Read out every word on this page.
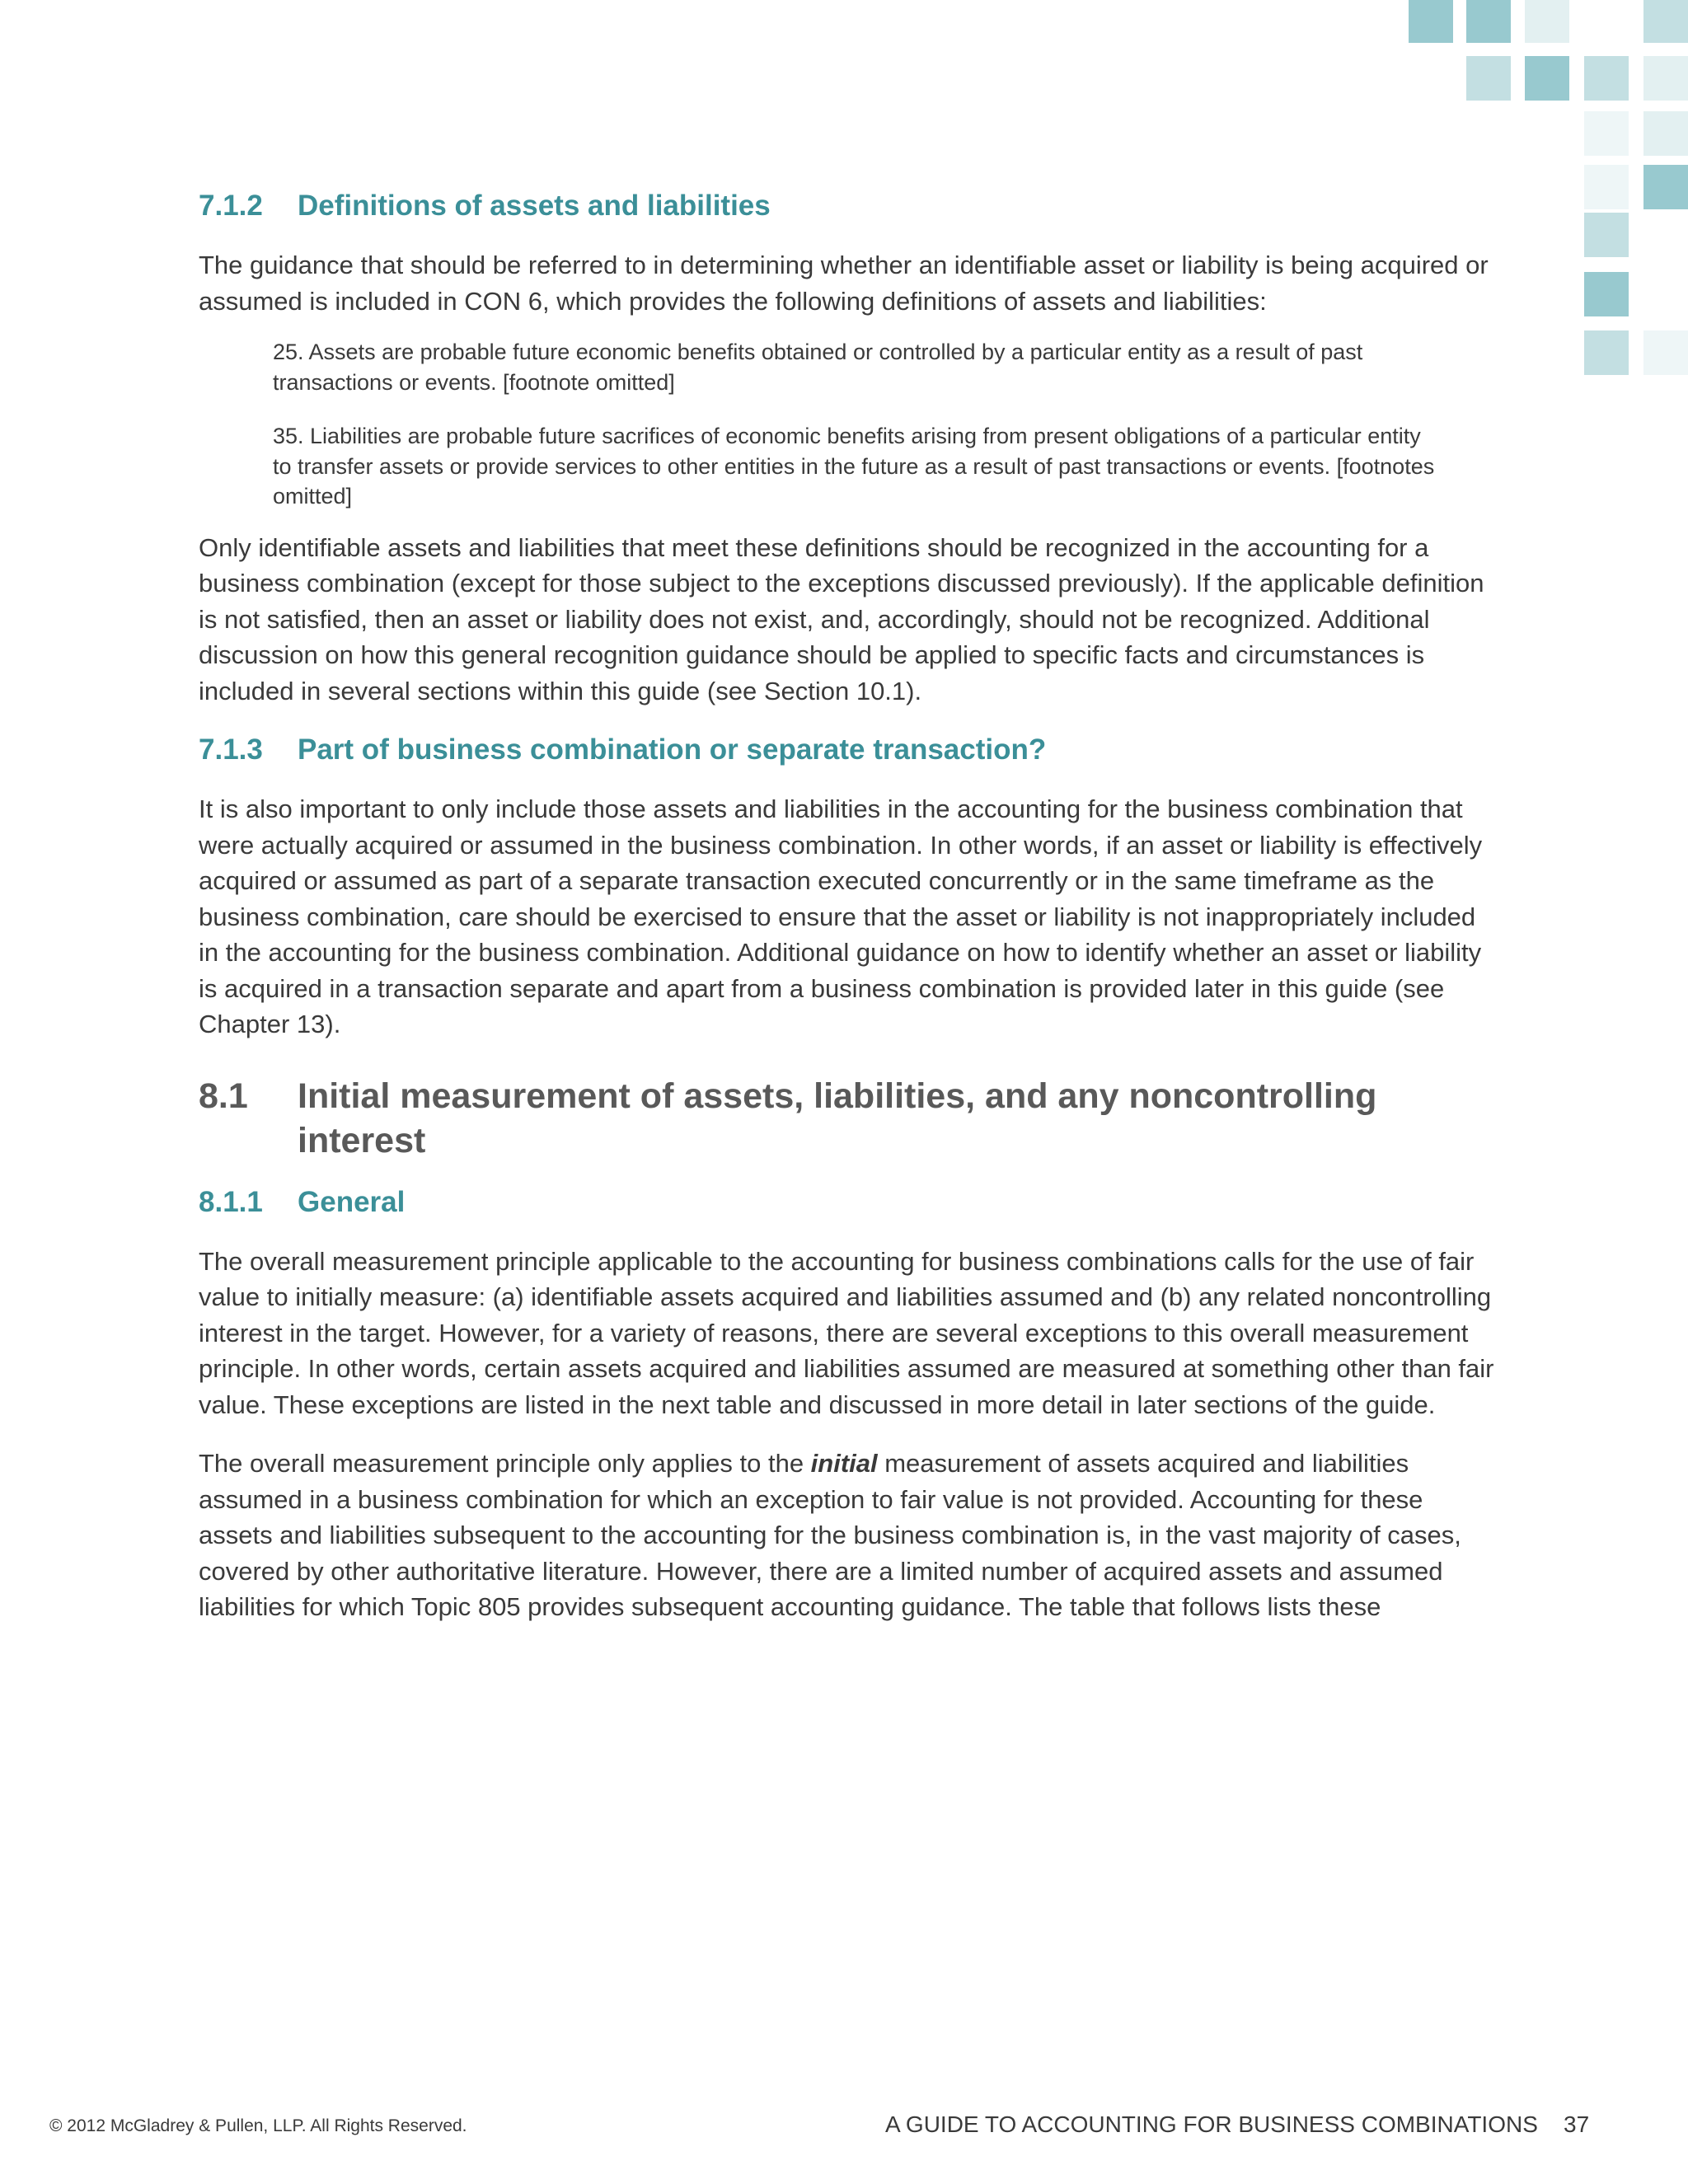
7.1.2	Definitions of assets and liabilities

The guidance that should be referred to in determining whether an identifiable asset or liability is being acquired or assumed is included in CON 6, which provides the following definitions of assets and liabilities:

25. Assets are probable future economic benefits obtained or controlled by a particular entity as a result of past transactions or events. [footnote omitted]

35. Liabilities are probable future sacrifices of economic benefits arising from present obligations of a particular entity to transfer assets or provide services to other entities in the future as a result of past transactions or events. [footnotes omitted]

Only identifiable assets and liabilities that meet these definitions should be recognized in the accounting for a business combination (except for those subject to the exceptions discussed previously). If the applicable definition is not satisfied, then an asset or liability does not exist, and, accordingly, should not be recognized. Additional discussion on how this general recognition guidance should be applied to specific facts and circumstances is included in several sections within this guide (see Section 10.1).

7.1.3	Part of business combination or separate transaction?

It is also important to only include those assets and liabilities in the accounting for the business combination that were actually acquired or assumed in the business combination. In other words, if an asset or liability is effectively acquired or assumed as part of a separate transaction executed concurrently or in the same timeframe as the business combination, care should be exercised to ensure that the asset or liability is not inappropriately included in the accounting for the business combination. Additional guidance on how to identify whether an asset or liability is acquired in a transaction separate and apart from a business combination is provided later in this guide (see Chapter 13).

8.1	Initial measurement of assets, liabilities, and any noncontrolling interest
8.1.1	General

The overall measurement principle applicable to the accounting for business combinations calls for the use of fair value to initially measure: (a) identifiable assets acquired and liabilities assumed and (b) any related noncontrolling interest in the target. However, for a variety of reasons, there are several exceptions to this overall measurement principle. In other words, certain assets acquired and liabilities assumed are measured at something other than fair value. These exceptions are listed in the next table and discussed in more detail in later sections of the guide.

The overall measurement principle only applies to the initial measurement of assets acquired and liabilities assumed in a business combination for which an exception to fair value is not provided. Accounting for these assets and liabilities subsequent to the accounting for the business combination is, in the vast majority of cases, covered by other authoritative literature. However, there are a limited number of acquired assets and assumed liabilities for which Topic 805 provides subsequent accounting guidance. The table that follows lists these

© 2012 McGladrey & Pullen, LLP. All Rights Reserved.	A GUIDE TO ACCOUNTING FOR BUSINESS COMBINATIONS 37
